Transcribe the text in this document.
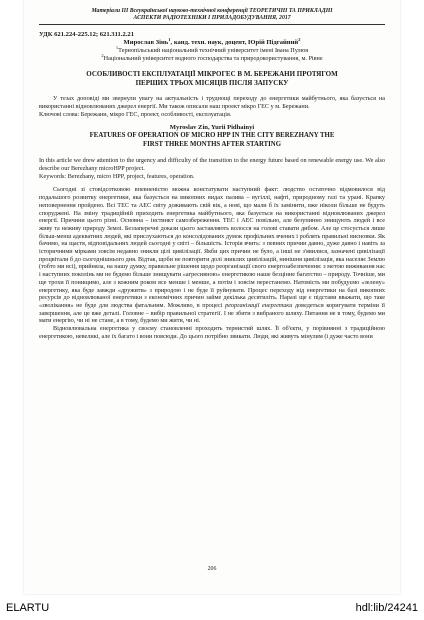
Матеріали ІІІ Всеукраїнської науково-технічної конференції ТЕОРЕТИЧНІ ТА ПРИКЛАДНІ
АСПЕКТИ РАДІОТЕХНІКИ І ПРИЛАДОБУДУВАННЯ, 2017
УДК 621.224-225.12; 621.311.2.21
Мирослав Зінь$^1$, канд. техн. наук, доцент, Юрій Підгайний$^2$
$^1$Тернопільський національний технічний університет імені Івана Пулюя
$^2$Національний університет водного господарства та природокористування, м. Рівне
ОСОБЛИВОСТІ ЕКСПЛУАТАЦІЇ МІКРОГЕС В М. БЕРЕЖАНИ ПРОТЯГОМ
ПЕРШИХ ТРЬОХ МІСЯЦІВ ПІСЛЯ ЗАПУСКУ

У тезах доповіді ми звернули увагу на актуальність і труднощі переходу до енергетики майбутнього, яка базується на використанні відновлюваних джерел енергії. Ми також описали наш проект мікро ГЕС у м. Бережани.

Ключові слова: Бережани, мікро ГЕС, проект, особливості, експлуатація.

Myroslav Zin, Yurii Pidhainyi
FEATURES OF OPERATION OF MICRO HPP IN THE CITY BEREZHANY THE
FIRST THREE MONTHS AFTER STARTING

In this article we drew attention to the urgency and difficulty of the transition to the energy future based on renewable energy use. We also describe our Berezhany microHPP project.

Keywords: Berezhany, micro HPP, project, features, operation.

Сьогодні зі стовідсотковою впевненістю можна констатувати наступний факт: людство остаточно відмовилося від подальшого розвитку енергетики, яка базується на викопних видах палива – вугіллі, нафті, природному газі та урані. Крапку неповернення пройдено. Всі ТЕС та АЕС світу доживають свій вік, а нові, що мали б їх замінити, вже ніколи більше не будуть споруджені. На зміну традиційній приходить енергетика майбутнього, яка базується на використанні відновлюваних джерел енергії. Причини цього різні. Основна – інстинкт самозбереження. ТЕС і АЕС повільно, але безупинно знищують людей і все живу та неживу природу Землі. Беззаперечні докази цього заставляють волосся на голові ставати дибом. Але це стосується лише більш-менш адекватних людей, які прислухаються до консолідованих думок профільних вчених і роблять правильні висновки. Як бачимо, на щастя, відповідальних людей сьогодні у світі – більшість. Історія вчить: з певних причин давно, дуже давно і навіть за історичними мірками зовсім недавно зникли цілі цивілізації. Якби цих причин не було, а інші не з'явилися, зазначені цивілізації процвітали б до сьогоднішнього дня. Відтак, щоби не повторити долі зниклих цивілізацій, нинішня цивілізація, яка населяє Землю (тобто ми всі), прийняла, на нашу думку, правильне рішення щодо реорганізації свого енергозабезпечення: з метою виживання нас і наступних поколінь ми не будемо більше знищувати «агресивною» енергетикою наше безцінне багатство – природу. Точніше, ми ще трохи її понищимо, але з кожним роком все менше і менше, а потім і зовсім перестанемо. Натомість ми побудуємо «зелену» енергетику, яка буде завжди «дружити» з природою і не буде її руйнувати. Процес переходу від енергетики на базі викопних ресурсів до відновлюваної енергетики з економічних причин займе декілька десятиліть. Наразі ще є підстави вважати, що таке «зволікання» не буде для людства фатальним. Можливо, в процесі реорганізації енергетики доведеться коригувати терміни її завершення, але це вже деталі. Головне – вибір правильної стратегії. І не збити з вибраного шляху. Питання не в тому, будемо ми мати енергію, чи ні не стане, а в тому, будемо ми жити, чи ні.

Відновлювальна енергетика у своєму становленні проходить тернистий шлях. Її об'єкти, у порівнянні з традиційною енергетикою, невеликі, але їх багато і вони повсюди. До цього потрібно звикати. Люди, які живуть мінулим (і дуже часто вони

206
ELARTU	hdl:lib/24241
